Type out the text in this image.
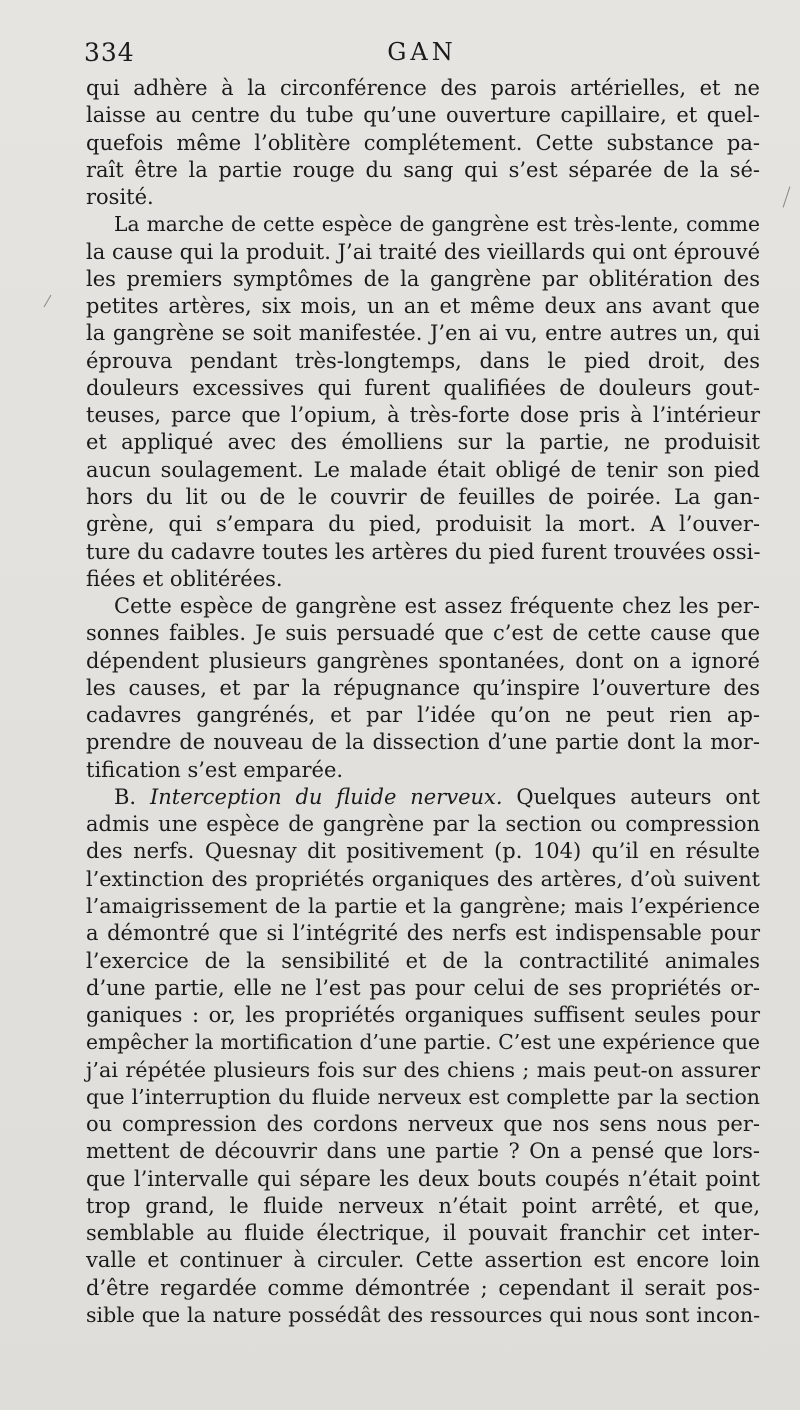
334	GAN
qui adhère à la circonférence des parois artérielles, et ne
laisse au centre du tube qu’une ouverture capillaire, et quel-
quefois même l’oblitère complétement. Cette substance pa-
raît être la partie rouge du sang qui s’est séparée de la sé-
rosité.
La marche de cette espèce de gangrène est très-lente, comme
la cause qui la produit. J’ai traité des vieillards qui ont éprouvé
les premiers symptômes de la gangrène par oblitération des
petites artères, six mois, un an et même deux ans avant que
la gangrène se soit manifestée. J’en ai vu, entre autres un, qui
éprouva pendant très-longtemps, dans le pied droit, des
douleurs excessives qui furent qualifiées de douleurs gout-
teuses, parce que l’opium, à très-forte dose pris à l’intérieur
et appliqué avec des émolliens sur la partie, ne produisit
aucun soulagement. Le malade était obligé de tenir son pied
hors du lit ou de le couvrir de feuilles de poirée. La gan-
grène, qui s’empara du pied, produisit la mort. A l’ouver-
ture du cadavre toutes les artères du pied furent trouvées ossi-
fiées et oblitérées.
Cette espèce de gangrène est assez fréquente chez les per-
sonnes faibles. Je suis persuadé que c’est de cette cause que
dépendent plusieurs gangrènes spontanées, dont on a ignoré
les causes, et par la répugnance qu’inspire l’ouverture des
cadavres gangrénés, et par l’idée qu’on ne peut rien ap-
prendre de nouveau de la dissection d’une partie dont la mor-
tification s’est emparée.
B. Interception du fluide nerveux. Quelques auteurs ont
admis une espèce de gangrène par la section ou compression
des nerfs. Quesnay dit positivement (p. 104) qu’il en résulte
l’extinction des propriétés organiques des artères, d’où suivent
l’amaigrissement de la partie et la gangrène; mais l’expérience
a démontré que si l’intégrité des nerfs est indispensable pour
l’exercice de la sensibilité et de la contractilité animales
d’une partie, elle ne l’est pas pour celui de ses propriétés or-
ganiques : or, les propriétés organiques suffisent seules pour
empêcher la mortification d’une partie. C’est une expérience que
j’ai répétée plusieurs fois sur des chiens ; mais peut-on assurer
que l’interruption du fluide nerveux est complette par la section
ou compression des cordons nerveux que nos sens nous per-
mettent de découvrir dans une partie ? On a pensé que lors-
que l’intervalle qui sépare les deux bouts coupés n’était point
trop grand, le fluide nerveux n’était point arrêté, et que,
semblable au fluide électrique, il pouvait franchir cet inter-
valle et continuer à circuler. Cette assertion est encore loin
d’être regardée comme démontrée ; cependant il serait pos-
sible que la nature possédât des ressources qui nous sont incon-
